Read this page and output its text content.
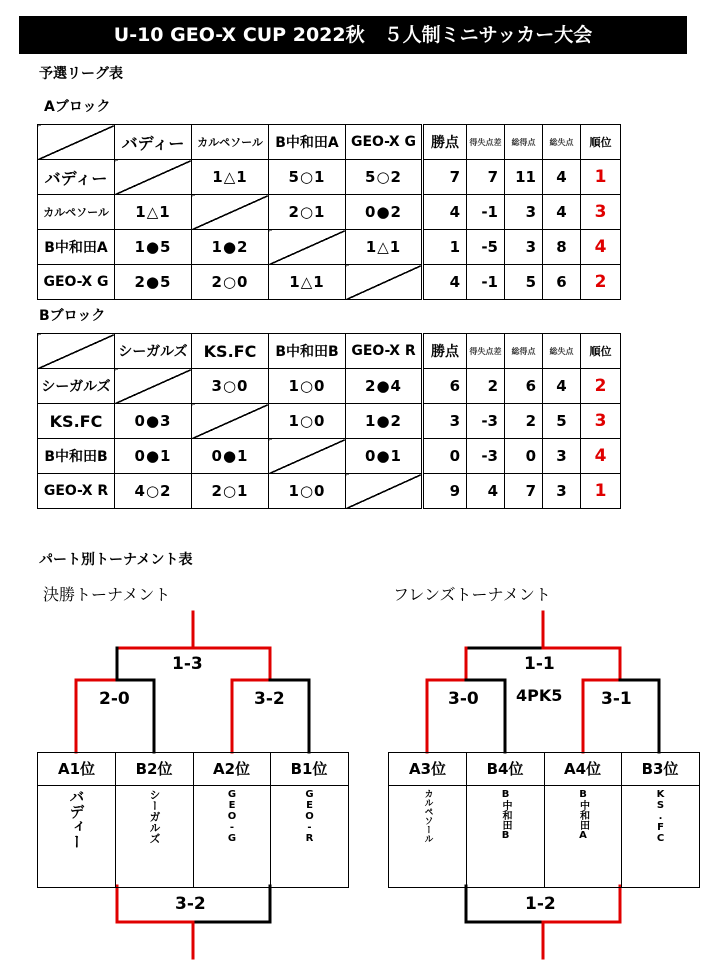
U-10 GEO-X CUP 2022秋　５人制ミニサッカー大会
予選リーグ表
Aブロック
	バディー	カルペソール	B中和田A	GEO-X G	勝点	得失点差	総得点	総失点	順位
バディー		1△1	5○1	5○2	7	7	11	4	1
カルペソール	1△1		2○1	0●2	4	-1	3	4	3
B中和田A	1●5	1●2		1△1	1	-5	3	8	4
GEO-X G	2●5	2○0	1△1		4	-1	5	6	2
Bブロック
	シーガルズ	KS.FC	B中和田B	GEO-X R	勝点	得失点差	総得点	総失点	順位
シーガルズ		3○0	1○0	2●4	6	2	6	4	2
KS.FC	0●3		1○0	1●2	3	-3	2	5	3
B中和田B	0●1	0●1		0●1	0	-3	0	3	4
GEO-X R	4○2	2○1	1○0		9	4	7	3	1
パート別トーナメント表
決勝トーナメント	フレンズトーナメント
1-3
2-0	3-2
3-2
1-1
4PK5
3-0	3-1
1-2
A1位	B2位	A2位	B1位
バディー	シーガルズ	GEO-G	GEO-R
A3位	B4位	A4位	B3位
カルペソール	B中和田B	B中和田A	KS.FC
